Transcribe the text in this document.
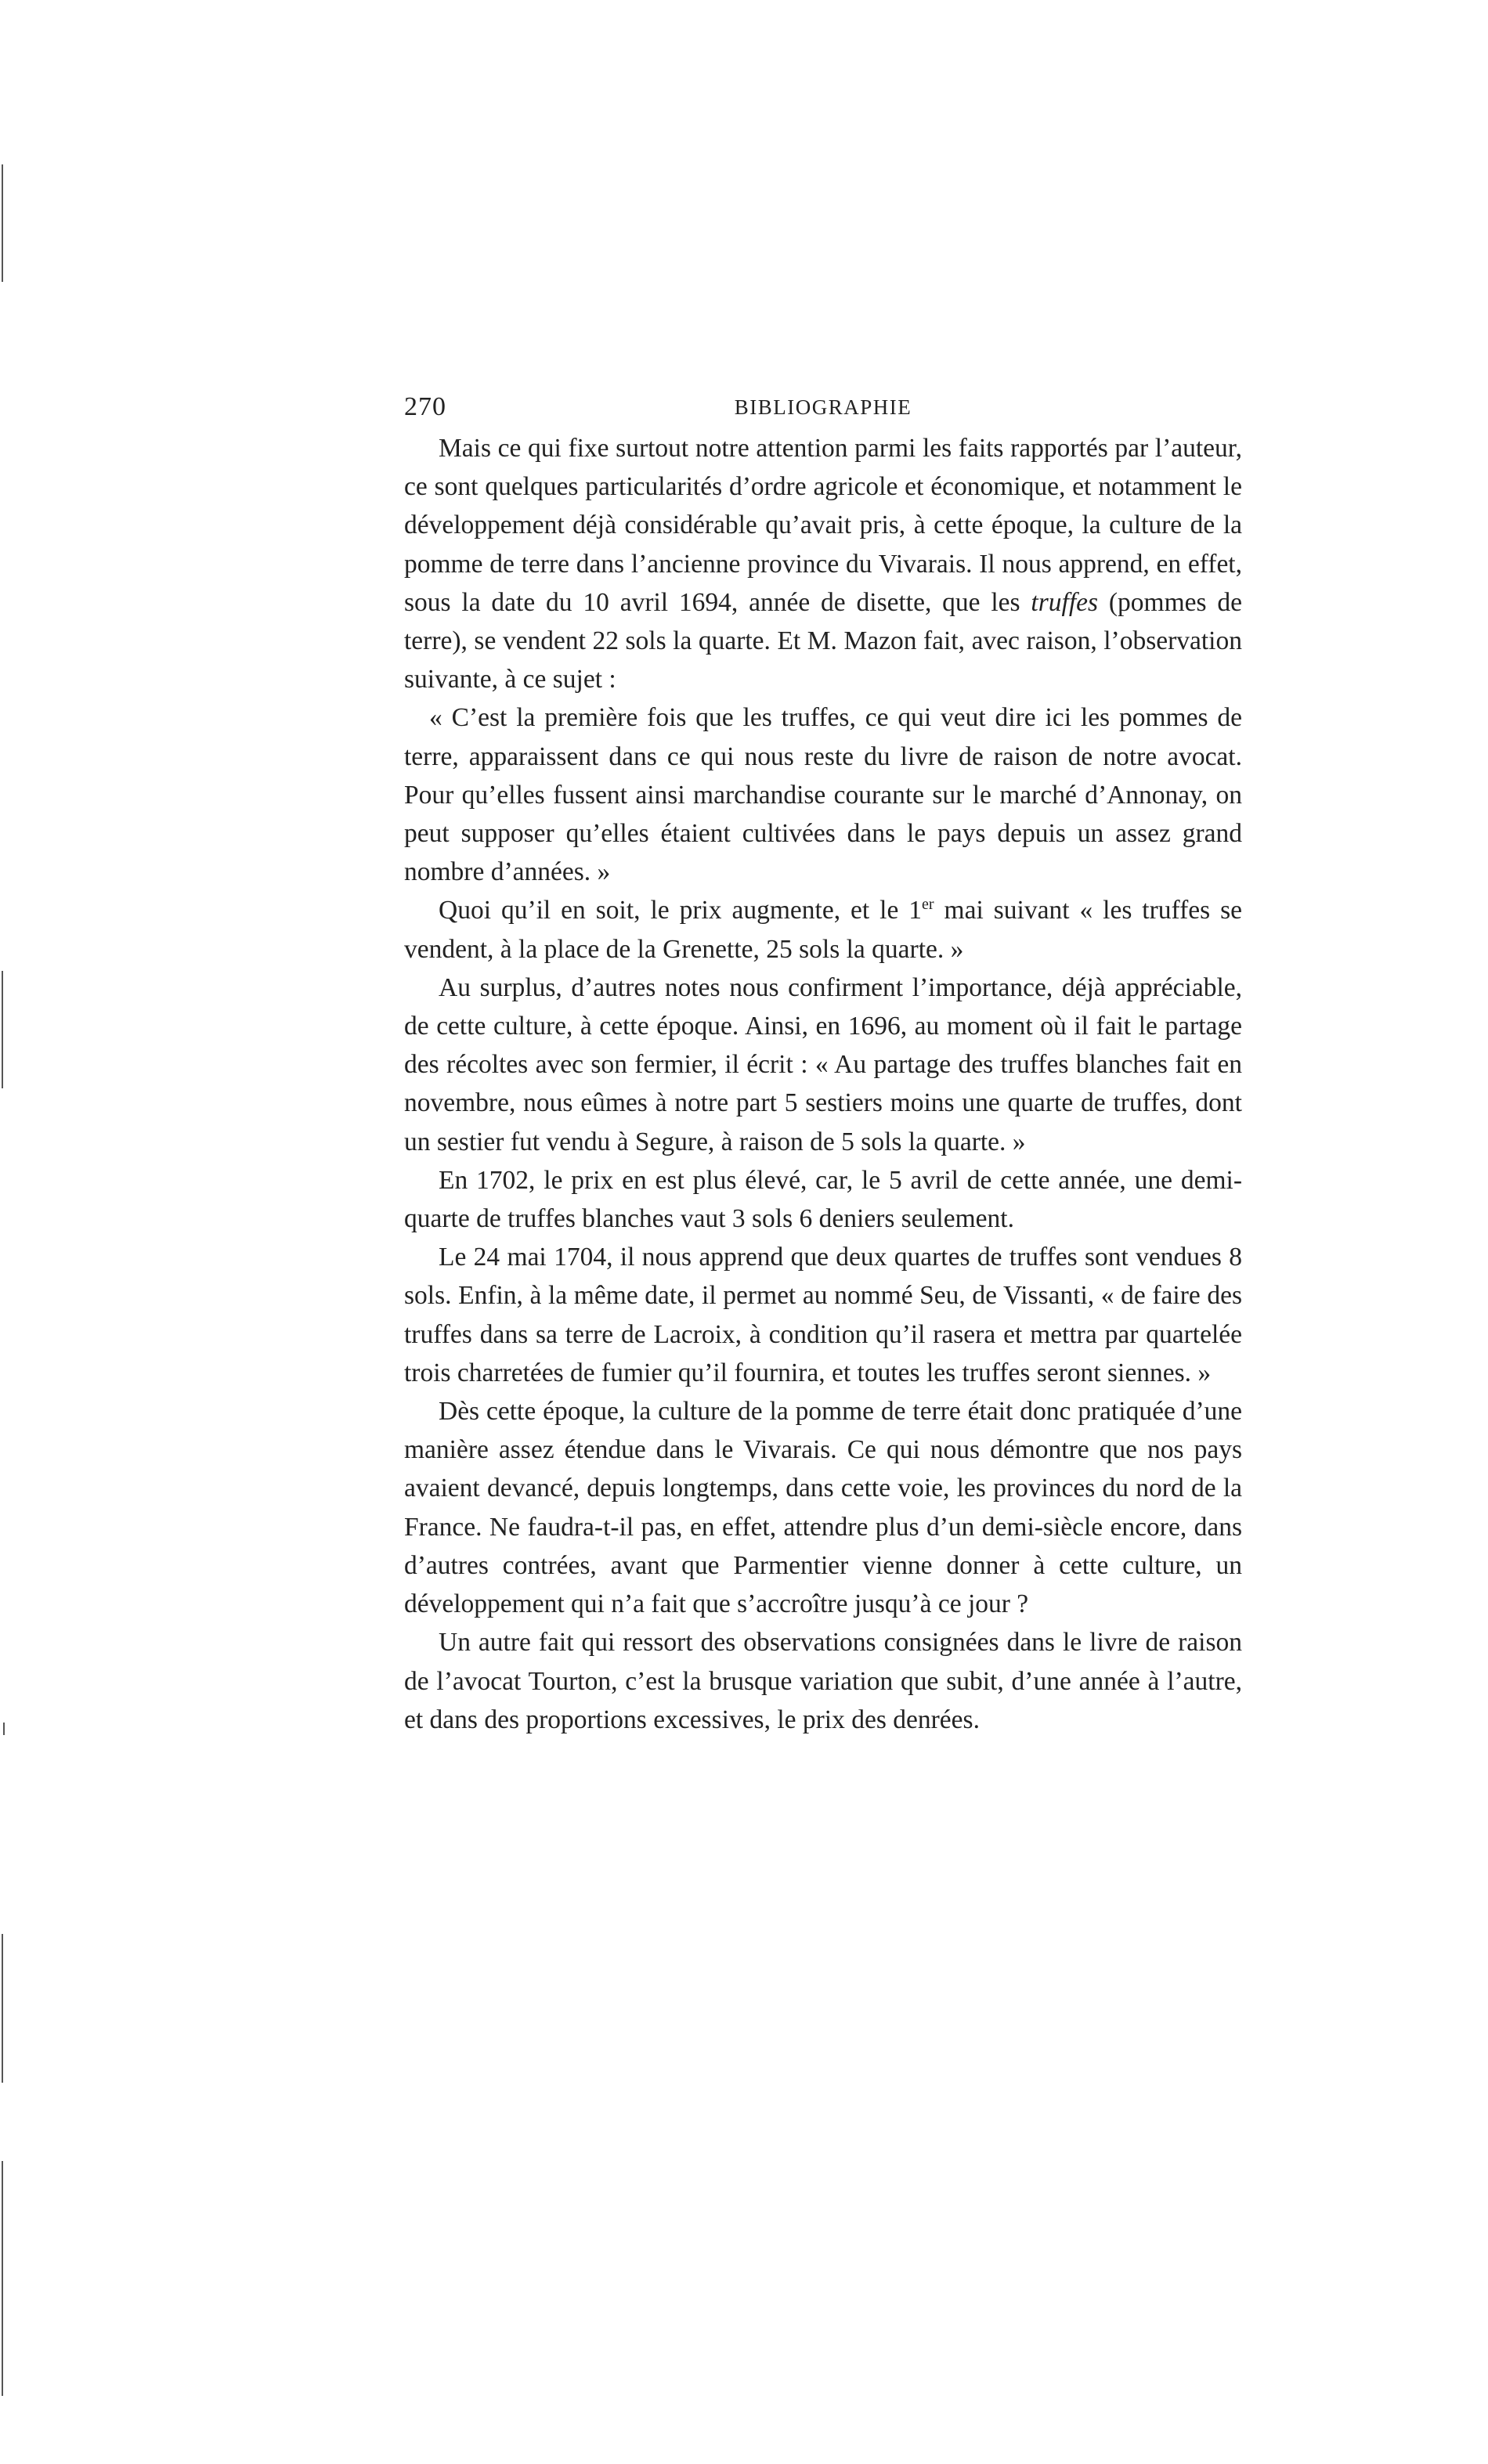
270	BIBLIOGRAPHIE

Mais ce qui fixe surtout notre attention parmi les faits rapportés par l’auteur, ce sont quelques particularités d’ordre agricole et économique, et notamment le développement déjà considérable qu’avait pris, à cette époque, la culture de la pomme de terre dans l’ancienne province du Vivarais. Il nous apprend, en effet, sous la date du 10 avril 1694, année de disette, que les truffes (pommes de terre), se vendent 22 sols la quarte. Et M. Mazon fait, avec raison, l’observation suivante, à ce sujet :

« C’est la première fois que les truffes, ce qui veut dire ici les pommes de terre, apparaissent dans ce qui nous reste du livre de raison de notre avocat. Pour qu’elles fussent ainsi marchandise courante sur le marché d’Annonay, on peut supposer qu’elles étaient cultivées dans le pays depuis un assez grand nombre d’années. »

Quoi qu’il en soit, le prix augmente, et le 1er mai suivant « les truffes se vendent, à la place de la Grenette, 25 sols la quarte. »

Au surplus, d’autres notes nous confirment l’importance, déjà appréciable, de cette culture, à cette époque. Ainsi, en 1696, au moment où il fait le partage des récoltes avec son fermier, il écrit : « Au partage des truffes blanches fait en novembre, nous eûmes à notre part 5 sestiers moins une quarte de truffes, dont un sestier fut vendu à Segure, à raison de 5 sols la quarte. »

En 1702, le prix en est plus élevé, car, le 5 avril de cette année, une demi-quarte de truffes blanches vaut 3 sols 6 deniers seulement.

Le 24 mai 1704, il nous apprend que deux quartes de truffes sont vendues 8 sols. Enfin, à la même date, il permet au nommé Seu, de Vissanti, « de faire des truffes dans sa terre de Lacroix, à condition qu’il rasera et mettra par quartelée trois charretées de fumier qu’il fournira, et toutes les truffes seront siennes. »

Dès cette époque, la culture de la pomme de terre était donc pratiquée d’une manière assez étendue dans le Vivarais. Ce qui nous démontre que nos pays avaient devancé, depuis longtemps, dans cette voie, les provinces du nord de la France. Ne faudra-t-il pas, en effet, attendre plus d’un demi-siècle encore, dans d’autres contrées, avant que Parmentier vienne donner à cette culture, un développement qui n’a fait que s’accroître jusqu’à ce jour ?

Un autre fait qui ressort des observations consignées dans le livre de raison de l’avocat Tourton, c’est la brusque variation que subit, d’une année à l’autre, et dans des proportions excessives, le prix des denrées.
